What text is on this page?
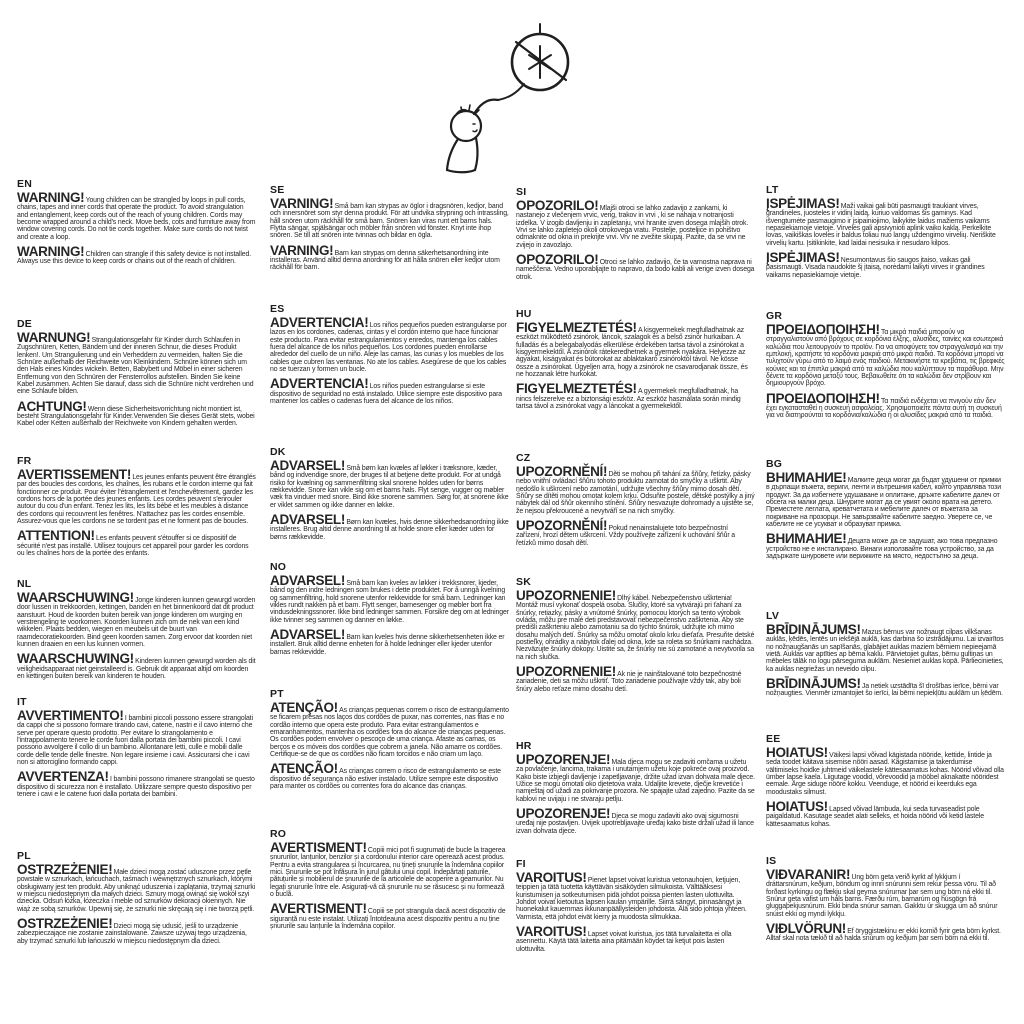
EN

WARNING! Young children can be strangled by loops in pull cords, chains, tapes and inner cords that operate the product. To avoid strangulation and entanglement, keep cords out of the reach of young children. Cords may become wrapped around a child's neck. Move beds, cots and furniture away from window covering cords. Do not tie cords together. Make sure cords do not twist and create a loop.

WARNING! Children can strangle if this safety device is not installed. Always use this device to keep cords or chains out of the reach of children.

DE

WARNUNG! Strangulationsgefahr für Kinder durch Schlaufen in Zugschnüren, Ketten, Bändern und der inneren Schnur, die dieses Produkt lenken!. Um Strangulierung und ein Verheddern zu vermeiden, halten Sie die Schnüre außerhalb der Reichweite von Kleinkindern. Schnüre können sich um den Hals eines Kindes wickeln. Betten, Babybett und Möbel in einer sicheren Entfernung von den Schnüren der Fensterrollos aufstellen. Binden Sie keine Kabel zusammen. Achten Sie darauf, dass sich die Schnüre nicht verdrehen und eine Schlaufe bilden.

ACHTUNG! Wenn diese Sicherheitsvorrichtung nicht montiert ist, besteht Strangulationsgefahr für Kinder.Verwenden Sie dieses Gerät stets, wobei Kabel oder Ketten außerhalb der Reichweite von Kindern gehalten werden.

FR

AVERTISSEMENT! Les jeunes enfants peuvent être étranglés par des boucles des cordons, les chaînes, les rubans et le cordon interne qui fait fonctionner ce produit. Pour éviter l'étranglement et l'enchevêtrement, gardez les cordons hors de la portée des jeunes enfants. Les cordes peuvent s'enrouler autour du cou d'un enfant. Tenez les lits, les lits bébé et les meubles à distance des cordons qui recouvrent les fenêtres. N'attachez pas les cordes ensemble. Assurez-vous que les cordons ne se tordent pas et ne forment pas de boucles.

ATTENTION! Les enfants peuvent s'étouffer si ce dispositif de sécurité n'est pas installé. Utilisez toujours cet appareil pour garder les cordons ou les chaînes hors de la portée des enfants.

NL

WAARSCHUWING! Jonge kinderen kunnen gewurgd worden door lussen in trekkoorden, kettingen, banden en het binnenkoord dat dit product aanstuurt. Houd de koorden buiten bereik van jonge kinderen om wurging en verstrengeling te voorkomen. Koorden kunnen zich om de nek van een kind wikkelen. Plaats bedden, wiegen en meubels uit de buurt van raamdecoratiekoorden. Bind geen koorden samen. Zorg ervoor dat koorden niet kunnen draaien en een lus kunnen vormen.

WAARSCHUWING! Kinderen kunnen gewurgd worden als dit veiligheidsapparaat niet geinstalleerd is. Gebruik dit apparaat altijd om koorden en kettingen buiten bereik van kinderen te houden.

IT

AVVERTIMENTO! I bambini piccoli possono essere strangolati da cappi che si possono formare tirando cavi, catene, nastri e il cavo interno che serve per operare questo prodotto. Per evitare lo strangolamento e l'intrappolamento tenere le corde fuori dalla portata dei bambini piccoli. I cavi possono avvolgere il collo di un bambino. Allontanare letti, culle e mobili dalle corde delle tende delle finestre. Non legare insieme i cavi. Assicurarsi che i cavi non si attorciglino formando cappi.

AVVERTENZA! I bambini possono rimanere strangolati se questo dispositivo di sicurezza non è installato. Utilizzare sempre questo dispositivo per tenere i cavi e le catene fuori dalla portata dei bambini.

PL

OSTRZEŻENIE! Małe dzieci mogą zostać uduszone przez pętle powstałe w sznurkach, łańcuchach, taśmach i wewnętrznych sznurkach, którymi obsługiwany jest ten produkt. Aby uniknąć uduszenia i zaplątania, trzymaj sznurki w miejscu niedostępnym dla małych dzieci. Sznury mogą owinąć się wokół szyi dziecka. Odsuń łóżka, łóżeczka i meble od sznurków dekoracji okiennych. Nie wiąż ze sobą sznurków. Upewnij się, że sznurki nie skręcają się i nie tworzą pętli.

OSTRZEŻENIE! Dzieci mogą się udusić, jeśli to urządzenie zabezpieczające nie zostanie zainstalowane. Zawsze używaj tego urządzenia, aby trzymać sznurki lub łańcuszki w miejscu niedostępnym dla dzieci.

SE

VARNING! Små barn kan strypas av öglor i dragsnören, kedjor, band och innersnöret som styr denna produkt. För att undvika strypning och intrassling, håll snören utom räckhåll för små barn. Snören kan viras runt ett barns hals. Flytta sängar, spjälsängar och möbler från snören vid fönster. Knyt inte ihop snören. Se till att snören inte tvinnas och bildar en ögla.

VARNING! Barn kan strypas om denna säkerhetsanordning inte installeras. Använd alltid denna anordning för att hålla snören eller kedjor utom räckhåll för barn.

ES

ADVERTENCIA! Los niños pequeños pueden estrangularse por lazos en los cordones, cadenas, cintas y el cordón interno que hace funcionar este producto. Para evitar estrangulamientos y enredos, mantenga los cables fuera del alcance de los niños pequeños. Los cordones pueden enrollarse alrededor del cuello de un niño. Aleje las camas, las cunas y los muebles de los cables que cubren las ventanas. No ate los cables. Asegúrese de que los cables no se tuerzan y formen un bucle.

ADVERTENCIA! Los niños pueden estrangularse si este dispositivo de seguridad no está instalado. Utilice siempre este dispositivo para mantener los cables o cadenas fuera del alcance de los niños.

DK

ADVARSEL! Små børn kan kvæles af løkker i træksnore, kæder, bånd og indvendige snore, der bruges til at betjene dette produkt. For at undgå risiko for kvælning og sammenfiltring skal snorene holdes uden for børns rækkevidde. Snore kan vikle sig om et barns hals. Flyt senge, vugger og møbler væk fra vinduer med snore. Bind ikke snorene sammen. Sørg for, at snorene ikke er viklet sammen og ikke danner en løkke.

ADVARSEL! Børn kan kvæles, hvis denne sikkerhedsanordning ikke installeres. Brug altid denne anordning til at holde snore eller kæder uden for børns rækkevidde.

NO

ADVARSEL! Små barn kan kveles av løkker i trekksnorer, kjeder, bånd og den indre ledningen som brukes i dette produktet. For å unngå kvelning og sammenfiltring, hold snorene utenfor rekkevidde for små barn. Ledninger kan vikles rundt nakken på et barn. Flytt senger, barnesenger og møbler bort fra vindusdekningssnorer. Ikke bind ledninger sammen. Forsikre deg om at ledninger ikke tvinner seg sammen og danner en løkke.

ADVARSEL! Barn kan kveles hvis denne sikkerhetsenheten ikke er installert. Bruk alltid denne enheten for å holde ledninger eller kjeder utenfor barnas rekkevidde.

PT

ATENÇÃO! As crianças pequenas correm o risco de estrangulamento se ficarem presas nos laços dos cordões de puxar, nas correntes, nas fitas e no cordão interno que opera este produto. Para evitar estrangulamentos e emaranhamentos, mantenha os cordões fora do alcance de crianças pequenas. Os cordões podem envolver o pescoço de uma criança. Afaste as camas, os berços e os móveis dos cordões que cobrem a janela. Não amarre os cordões. Certifique-se de que os cordões não ficam torcidos e não criam um laço.

ATENÇÃO! As crianças correm o risco de estrangulamento se este dispositivo de segurança não estiver instalado. Utilize sempre este dispositivo para manter os cordões ou correntes fora do alcance das crianças.

RO

AVERTISMENT! Copiii mici pot fi sugrumați de bucle la tragerea șnururilor, lanțurilor, benzilor și a cordonului interior care operează acest produs. Pentru a evita strangularea și încurcarea, nu țineți șnururile la îndemâna copiilor mici. Șnururile se pot înfășura în jurul gâtului unui copil. Îndepărtați paturile, pătuțurile și mobilierul de șnururile de la articolele de acoperire a geamurilor. Nu legați șnururile între ele. Asigurați-vă că șnururile nu se răsucesc și nu formează o buclă.

AVERTISMENT! Copiii se pot strangula dacă acest dispozitiv de siguranță nu este instalat. Utilizați întotdeauna acest dispozitiv pentru a nu ține șnururile sau lanțurile la îndemâna copiilor.

SI

OPOZORILO! Mlajši otroci se lahko zadavijo z zankami, ki nastanejo z vlečenjem vrvic, verig, trakov in vrvi , ki se nahaja v notranjosti izdelka. V izogib davljenju in zapletanju, vrvi hranite izven dosega mlajših otrok. Vrvi se lahko zapletejo okoli otrokovega vratu. Postelje, posteljice in pohištvo odmaknite od okna in prekrijte vrvi. Vrv ne zvežite skupaj. Pazite, da se vrvi ne zvijejo in zavozlajo.

OPOZORILO! Otroci se lahko zadavijo, če ta varnostna naprava ni nameščena. Vedno uporabljajte to napravo, da bodo kabli ali verige izven dosega otrok.

HU

FIGYELMEZTETÉS! A kisgyermekek megfulladhatnak az eszközt működtető zsinórok, láncok, szalagok és a belső zsinór hurkaiban. A fulladás és a belegabalyodás elkerülése érdekében tartsa távol a zsinórokat a kisgyermekektől. A zsinórok rátekeredhetnek a gyermek nyakára. Helyezze az ágyakat, kiságyakat és bútorokat az ablaktakaró zsinóroktól távol. Ne kösse össze a zsinórokat. Ügyeljen arra, hogy a zsinórok ne csavarodjanak össze, és ne hozzanak létre hurkokat.

FIGYELMEZTETÉS! A gyermekek megfulladhatnak, ha nincs felszerelve ez a biztonsági eszköz. Az eszköz használata során mindig tartsa távol a zsinórokat vagy a láncokat a gyermekektől.

CZ

UPOZORNĚNÍ! Děti se mohou při tahání za šňůry, řetízky, pásky nebo vnitřní ovládací šňůru tohoto produktu zamotat do smyčky a uškrtit. Aby nedošlo k uškrcení nebo zamotání, udržujte všechny šňůry mimo dosah dětí. Šňůry se dítěti mohou omotat kolem krku. Odsuňte postele, dětské postýlky a jiný nábytek dál od šňůr okenního stínění. Šňůry nesvazujte dohromady a ujistěte se, že nejsou překroucené a nevytváří se na nich smyčky.

UPOZORNĚNÍ! Pokud nenainstalujete toto bezpečnostní zařízení, hrozí dětem uškrcení. Vždy používejte zařízení k uchování šňůr a řetízků mimo dosah dětí.

SK

UPOZORNENIE! Dlhý kábel. Nebezpečenstvo uškrtenia! Montáž musí vykonať dospelá osoba. Slučky, ktoré sa vytvárajú pri ťahaní za šnúrky, retiazky, pásky a vnútorné šnúrky, pomocou ktorých sa tento výrobok ovláda, môžu pre malé deti predstavovať nebezpečenstvo zaškrtenia. Aby ste predišli zaškrteniu alebo zamotaniu sa do týchto šnúrok, udržujte ich mimo dosahu malých detí. Šnúrky sa môžu omotať okolo krku dieťaťa. Presuňte detské postieľky, ohrádky a nábytok ďalej od okna, kde sa roleta so šnúrkami nachádza. Nezväzujte šnúrky dokopy. Uistite sa, že šnúrky nie sú zamotané a nevytvorila sa na nich slučka.

UPOZORNENIE! Ak nie je nainštalované toto bezpečnostné zariadenie, deti sa môžu uškrtiť. Toto zariadenie používajte vždy tak, aby boli šnúry alebo reťaze mimo dosahu detí.

HR

UPOZORENJE! Mala djeca mogu se zadaviti omčama u užetu za povlačenje, lancima, trakama i unutarnjem užetu koje pokreće ovaj proizvod. Kako biste izbjegli davljenje i zapetljavanje, držite užad izvan dohvata male djece. Užice se mogu omotati oko djetetova vrata. Udaljite krevete, dječje krevetiće i namještaj od užadi za pokrivanje prozora. Ne spajajte užad zajedno. Pazite da se kablovi ne uvijaju i ne stvaraju petlju.

UPOZORENJE! Djeca se mogu zadaviti ako ovaj sigurnosni uređaj nije postavljen. Uvijek upotrebljavajte uređaj kako biste držali užad ili lance izvan dohvata djece.

FI

VAROITUS! Pienet lapset voivat kuristua vetonauhojen, ketjujen, teippien ja tätä tuotetta käyttävän sisäköyden silmukoista. Välttääksesi kuristumisen ja sotkeutumisen pidä johdot poissa pienten lasten ulottuvilta. Johdot voivat kietoutua lapsen kaulan ympärille. Siirrä sängyt, pinnasängyt ja huonekalut kauemmas ikkunanpäällysteiden johdoista. Älä sido johtoja yhteen. Varmista, että johdot eivät kierry ja muodosta silmukkaa.

VAROITUS! Lapset voivat kuristua, jos tätä turvalaitetta ei olla asennettu. Käytä tätä laitetta aina pitämään köydet tai ketjut pois lasten ulottuvilta.

LT

ĮSPĖJIMAS! Maži vaikai gali būti pasmaugti traukiant virves, grandinėles, juosteles ir vidinį laidą, kuriuo valdomas šis gaminys. Kad išvengtumėte pasmaugimo ir įsipainiojimo, laikykite laidus mažiems vaikams nepasiekiamoje vietoje. Virvelės gali apsivynioti aplink vaiko kaklą. Perkelkite lovas, vaikiškas loveles ir baldus toliau nuo langų uždengimo virvelių. Neriškite virvelių kartu. Įsitikinkite, kad laidai nesisuka ir nesudaro kilpos.

ĮSPĖJIMAS! Nesumontavus šio saugos įtaiso, vaikas gali pasismaugti. Visada naudokite šį įtaisą, norėdami laikyti virves ir grandines vaikams nepasiekiamoje vietoje.

GR

ΠΡΟΕΙΔΟΠΟΙΗΣΗ! Τα μικρά παιδιά μπορούν να στραγγαλιστούν από βρόχους σε κορδόνια έλξης, αλυσίδες, ταινίες και εσωτερικά καλώδια που λειτουργούν το προϊόν. Για να αποφύγετε τον στραγγαλισμό και την εμπλοκή, κρατήστε τα κορδόνια μακριά από μικρά παιδιά. Τα κορδόνια μπορεί να τυλιχτούν γύρω από το λαιμό ενός παιδιού. Μετακινήστε τα κρεβάτια, τις βρεφικές κούνιες και τα έπιπλα μακριά από τα καλώδια που καλύπτουν τα παράθυρα. Μην δένετε τα κορδόνια μεταξύ τους. Βεβαιωθείτε ότι τα καλώδια δεν στρίβουν και δημιουργούν βρόχο.

ΠΡΟΕΙΔΟΠΟΙΗΣΗ! Τα παιδιά ενδέχεται να πνιγούν εάν δεν έχει εγκατασταθεί η συσκευή ασφαλείας. Χρησιμοποιείτε πάντα αυτή τη συσκευή για να διατηρούνται τα κορδόνια/καλώδια ή οι αλυσίδες μακριά από τα παιδιά.

BG

ВНИМАНИЕ! Малките деца могат да бъдат удушени от примки в дърпащи въжета, вериги, ленти и вътрешния кабел, който управлява този продукт. За да избегнете удушаване и оплитане, дръжте кабелите далеч от обсега на малки деца. Шнурите могат да се увият около врата на детето. Преместете леглата, креватчетата и мебелите далеч от въжетата за покриване на прозорци. Не завързвайте кабелите заедно. Уверете се, че кабелите не се усукват и образуват примка.

ВНИМАНИЕ! Децата може да се задушат, ако това предпазно устройство не е инсталирано. Винаги използвайте това устройство, за да задържате шнуровете или верижките на място, недостъпно за деца.

LV

BRĪDINĀJUMS! Mazus bērnus var nožņaugt cilpas vilkšanas auklās, ķēdēs, lentēs un iekšējā auklā, kas darbina šo izstrādājumu. Lai izvairītos no nožņaugšanās un sapīšanās, glabājiet auklas maziem bērniem nepieejamā vietā. Auklas var aptīties ap bērna kaklu. Pārvietojiet gultas, bērnu gultiņas un mēbeles tālāk no logu pārseguma auklām. Nesieniet auklas kopā. Pārliecinieties, ka auklas negriežas un neveido cilpu.

BRĪDINĀJUMS! Ja netiek uzstādīta šī drošības ierīce, bērni var nožņaugties. Vienmēr izmantojiet šo ierīci, lai bērni nepiekļūtu auklām un ķēdēm.

EE

HOIATUS! Väikesi lapsi võivad kägistada nööride, kettide, lintide ja seda toodet käitava sisemise nööri aasad. Kägistamise ja takerdumise vältimiseks hoidke juhtmeid väikelastele kättesaamatus kohas. Nöörid võivad olla ümber lapse kaela. Liigutage voodid, võrevoodid ja mööbel aknakatte nööridest eemale. Ärge siduge nööre kokku. Veenduge, et nöörid ei keerduks ega moodustaks silmust.

HOIATUS! Lapsed võivad lämbuda, kui seda turvaseadist pole paigaldatud. Kasutage seadet alati selleks, et hoida nöörid või ketid lastele kättesaamatus kohas.

IS

VIÐVARANIR! Ung börn geta verið kyrkt af lykkjum í dráttarsnúrum, keðjum, böndum og innri snúrunni sem rekur þessa vöru. Til að forðast kyrkingu og flækju skal geyma snúrurnar þar sem ung börn ná ekki til. Snúrur geta vafist um háls barns. Færðu rúm, barnarúm og húsgögn frá gluggaþekjusnúrum. Ekki binda snúrur saman. Gakktu úr skugga um að snúrur snúist ekki og myndi lykkju.

VIÐLVÖRUN! Ef öryggistækinu er ekki komið fyrir geta börn kyrkst. Alltaf skal nota tækið til að halda snúrum og keðjum þar sem börn ná ekki til.
